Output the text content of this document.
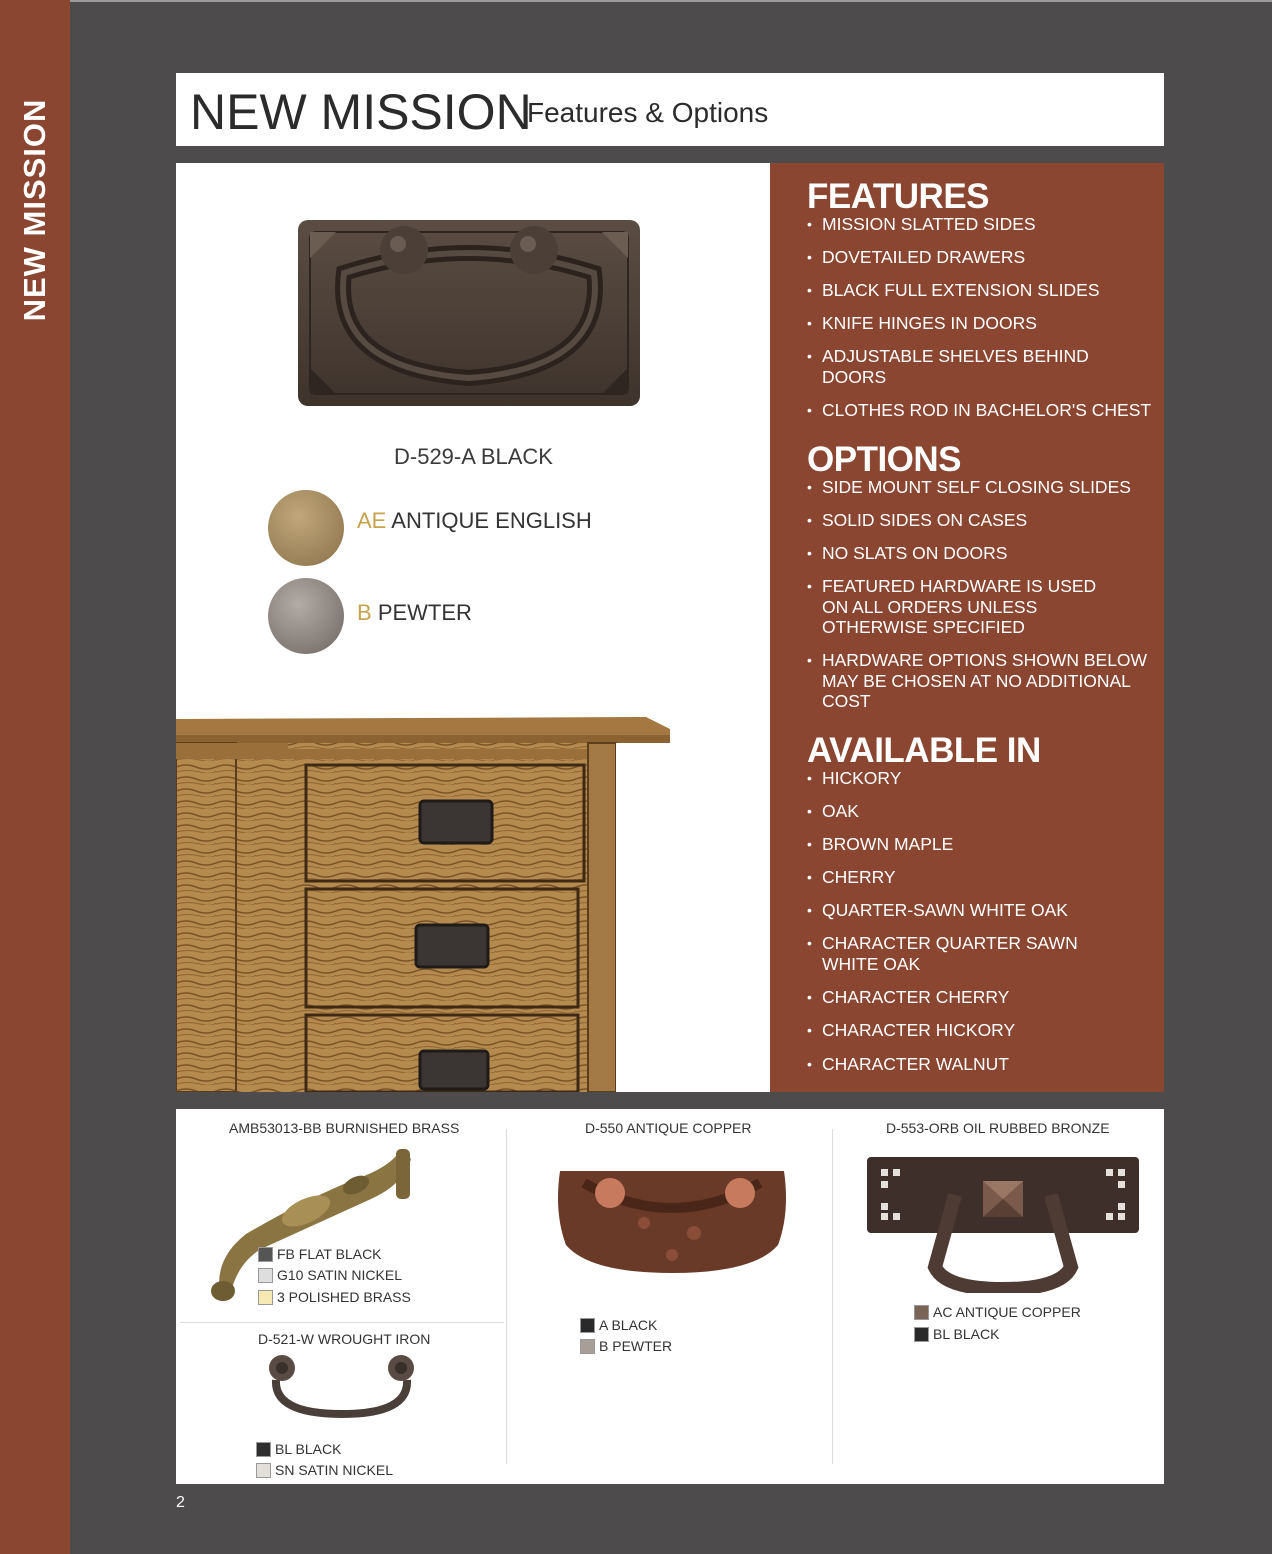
NEW MISSION	NEW MISSION
Features & Options
D-529-A BLACK
AE ANTIQUE ENGLISH
B PEWTER
FEATURES
• MISSION SLATTED SIDES
• DOVETAILED DRAWERS
• BLACK FULL EXTENSION SLIDES
• KNIFE HINGES IN DOORS
• ADJUSTABLE SHELVES BEHIND DOORS
• CLOTHES ROD IN BACHELOR'S CHEST
OPTIONS
• SIDE MOUNT SELF CLOSING SLIDES
• SOLID SIDES ON CASES
• NO SLATS ON DOORS
• FEATURED HARDWARE IS USED ON ALL ORDERS UNLESS OTHERWISE SPECIFIED
• HARDWARE OPTIONS SHOWN BELOW MAY BE CHOSEN AT NO ADDITIONAL COST
AVAILABLE IN
• HICKORY
• OAK
• BROWN MAPLE
• CHERRY
• QUARTER-SAWN WHITE OAK
• CHARACTER QUARTER SAWN WHITE OAK
• CHARACTER CHERRY
• CHARACTER HICKORY
• CHARACTER WALNUT
AMB53013-BB BURNISHED BRASS
FB FLAT BLACK
G10 SATIN NICKEL
3 POLISHED BRASS
D-521-W WROUGHT IRON
BL BLACK
SN SATIN NICKEL
D-550 ANTIQUE COPPER
A BLACK
B PEWTER
D-553-ORB OIL RUBBED BRONZE
AC ANTIQUE COPPER
BL BLACK
2
